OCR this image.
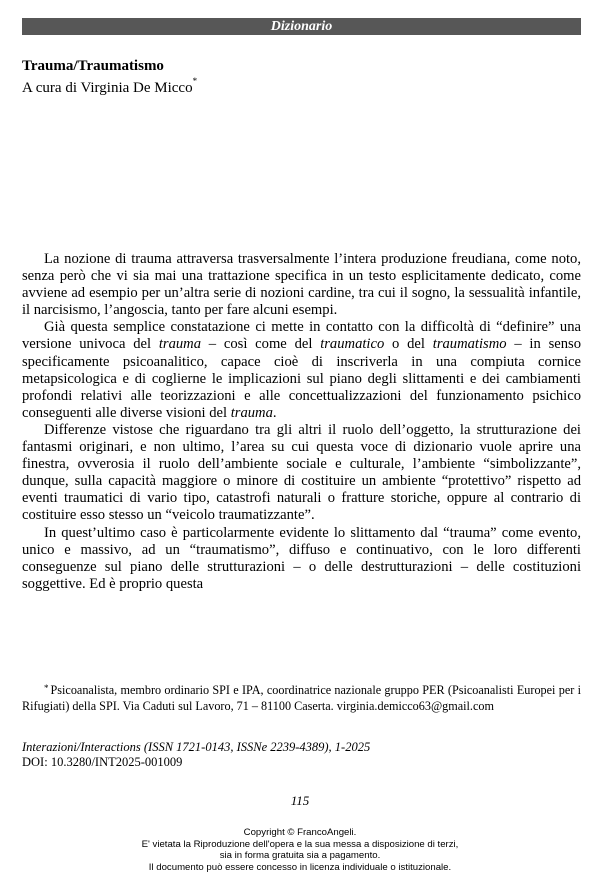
Dizionario

Trauma/Traumatismo

A cura di Virginia De Micco*

La nozione di trauma attraversa trasversalmente l’intera produzione freudiana, come noto, senza però che vi sia mai una trattazione specifica in un testo esplicitamente dedicato, come avviene ad esempio per un’altra serie di nozioni cardine, tra cui il sogno, la sessualità infantile, il narcisismo, l’angoscia, tanto per fare alcuni esempi.

Già questa semplice constatazione ci mette in contatto con la difficoltà di “definire” una versione univoca del trauma – così come del traumatico o del traumatismo – in senso specificamente psicoanalitico, capace cioè di inscriverla in una compiuta cornice metapsicologica e di coglierne le implicazioni sul piano degli slittamenti e dei cambiamenti profondi relativi alle teorizzazioni e alle concettualizzazioni del funzionamento psichico conseguenti alle diverse visioni del trauma.

Differenze vistose che riguardano tra gli altri il ruolo dell’oggetto, la strutturazione dei fantasmi originari, e non ultimo, l’area su cui questa voce di dizionario vuole aprire una finestra, ovverosia il ruolo dell’ambiente sociale e culturale, l’ambiente “simbolizzante”, dunque, sulla capacità maggiore o minore di costituire un ambiente “protettivo” rispetto ad eventi traumatici di vario tipo, catastrofi naturali o fratture storiche, oppure al contrario di costituire esso stesso un “veicolo traumatizzante”.

In quest’ultimo caso è particolarmente evidente lo slittamento dal “trauma” come evento, unico e massivo, ad un “traumatismo”, diffuso e continuativo, con le loro differenti conseguenze sul piano delle strutturazioni – o delle destrutturazioni – delle costituzioni soggettive. Ed è proprio questa

* Psicoanalista, membro ordinario SPI e IPA, coordinatrice nazionale gruppo PER (Psicoanalisti Europei per i Rifugiati) della SPI. Via Caduti sul Lavoro, 71 – 81100 Caserta. virginia.demicco63@gmail.com

Interazioni/Interactions (ISSN 1721-0143, ISSNe 2239-4389), 1-2025
DOI: 10.3280/INT2025-001009
115
Copyright © FrancoAngeli.
E' vietata la Riproduzione dell'opera e la sua messa a disposizione di terzi,
sia in forma gratuita sia a pagamento.
Il documento può essere concesso in licenza individuale o istituzionale.
